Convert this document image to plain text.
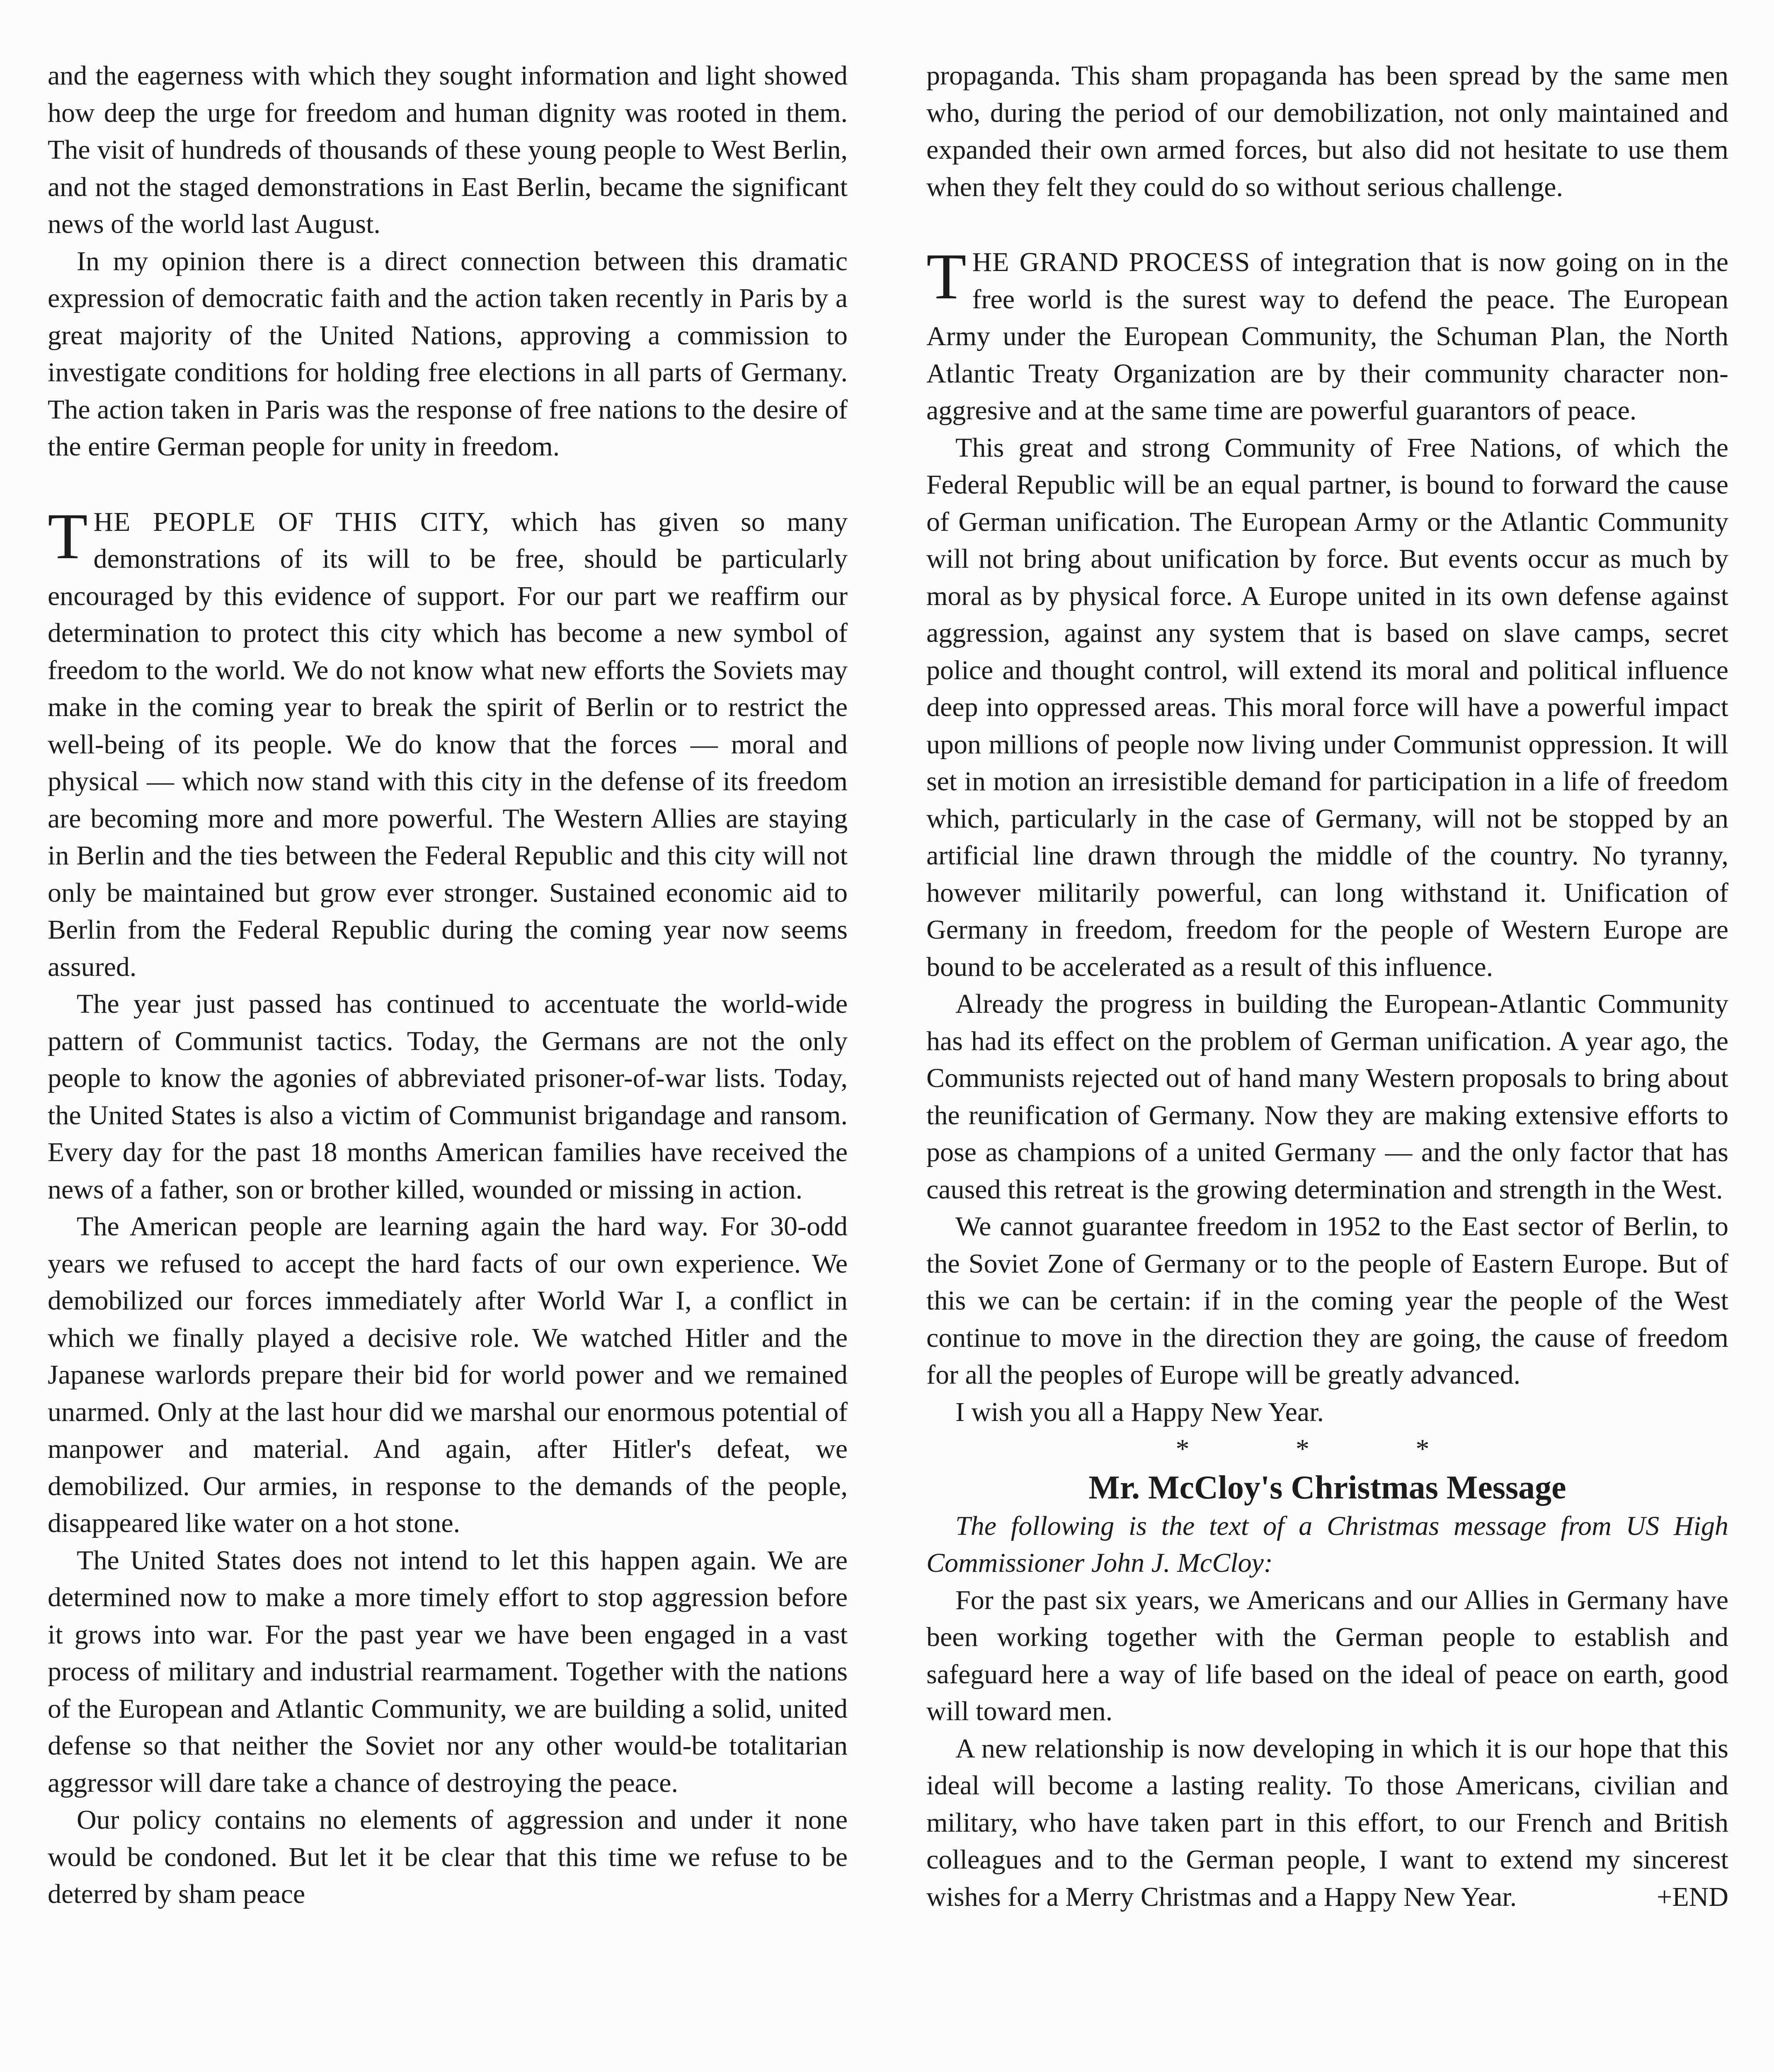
and the eagerness with which they sought information and light showed how deep the urge for freedom and human dignity was rooted in them. The visit of hundreds of thousands of these young people to West Berlin, and not the staged demonstrations in East Berlin, became the significant news of the world last August.

In my opinion there is a direct connection between this dramatic expression of democratic faith and the action taken recently in Paris by a great majority of the United Nations, approving a commission to investigate conditions for holding free elections in all parts of Germany. The action taken in Paris was the response of free nations to the desire of the entire German people for unity in freedom.

THE PEOPLE OF THIS CITY, which has given so many demonstrations of its will to be free, should be particularly encouraged by this evidence of support. For our part we reaffirm our determination to protect this city which has become a new symbol of freedom to the world. We do not know what new efforts the Soviets may make in the coming year to break the spirit of Berlin or to restrict the well-being of its people. We do know that the forces — moral and physical — which now stand with this city in the defense of its freedom are becoming more and more powerful. The Western Allies are staying in Berlin and the ties between the Federal Republic and this city will not only be maintained but grow ever stronger. Sustained economic aid to Berlin from the Federal Republic during the coming year now seems assured.

The year just passed has continued to accentuate the world-wide pattern of Communist tactics. Today, the Germans are not the only people to know the agonies of abbreviated prisoner-of-war lists. Today, the United States is also a victim of Communist brigandage and ransom. Every day for the past 18 months American families have received the news of a father, son or brother killed, wounded or missing in action.

The American people are learning again the hard way. For 30-odd years we refused to accept the hard facts of our own experience. We demobilized our forces immediately after World War I, a conflict in which we finally played a decisive role. We watched Hitler and the Japanese warlords prepare their bid for world power and we remained unarmed. Only at the last hour did we marshal our enormous potential of manpower and material. And again, after Hitler's defeat, we demobilized. Our armies, in response to the demands of the people, disappeared like water on a hot stone.

The United States does not intend to let this happen again. We are determined now to make a more timely effort to stop aggression before it grows into war. For the past year we have been engaged in a vast process of military and industrial rearmament. Together with the nations of the European and Atlantic Community, we are building a solid, united defense so that neither the Soviet nor any other would-be totalitarian aggressor will dare take a chance of destroying the peace.

Our policy contains no elements of aggression and under it none would be condoned. But let it be clear that this time we refuse to be deterred by sham peace

propaganda. This sham propaganda has been spread by the same men who, during the period of our demobilization, not only maintained and expanded their own armed forces, but also did not hesitate to use them when they felt they could do so without serious challenge.

THE GRAND PROCESS of integration that is now going on in the free world is the surest way to defend the peace. The European Army under the European Community, the Schuman Plan, the North Atlantic Treaty Organization are by their community character non-aggresive and at the same time are powerful guarantors of peace.

This great and strong Community of Free Nations, of which the Federal Republic will be an equal partner, is bound to forward the cause of German unification. The European Army or the Atlantic Community will not bring about unification by force. But events occur as much by moral as by physical force. A Europe united in its own defense against aggression, against any system that is based on slave camps, secret police and thought control, will extend its moral and political influence deep into oppressed areas. This moral force will have a powerful impact upon millions of people now living under Communist oppression. It will set in motion an irresistible demand for participation in a life of freedom which, particularly in the case of Germany, will not be stopped by an artificial line drawn through the middle of the country. No tyranny, however militarily powerful, can long withstand it. Unification of Germany in freedom, freedom for the people of Western Europe are bound to be accelerated as a result of this influence.

Already the progress in building the European-Atlantic Community has had its effect on the problem of German unification. A year ago, the Communists rejected out of hand many Western proposals to bring about the reunification of Germany. Now they are making extensive efforts to pose as champions of a united Germany — and the only factor that has caused this retreat is the growing determination and strength in the West.

We cannot guarantee freedom in 1952 to the East sector of Berlin, to the Soviet Zone of Germany or to the people of Eastern Europe. But of this we can be certain: if in the coming year the people of the West continue to move in the direction they are going, the cause of freedom for all the peoples of Europe will be greatly advanced.

I wish you all a Happy New Year.

* * *

Mr. McCloy's Christmas Message

The following is the text of a Christmas message from US High Commissioner John J. McCloy:

For the past six years, we Americans and our Allies in Germany have been working together with the German people to establish and safeguard here a way of life based on the ideal of peace on earth, good will toward men.

A new relationship is now developing in which it is our hope that this ideal will become a lasting reality. To those Americans, civilian and military, who have taken part in this effort, to our French and British colleagues and to the German people, I want to extend my sincerest wishes for a Merry Christmas and a Happy New Year.	+END
